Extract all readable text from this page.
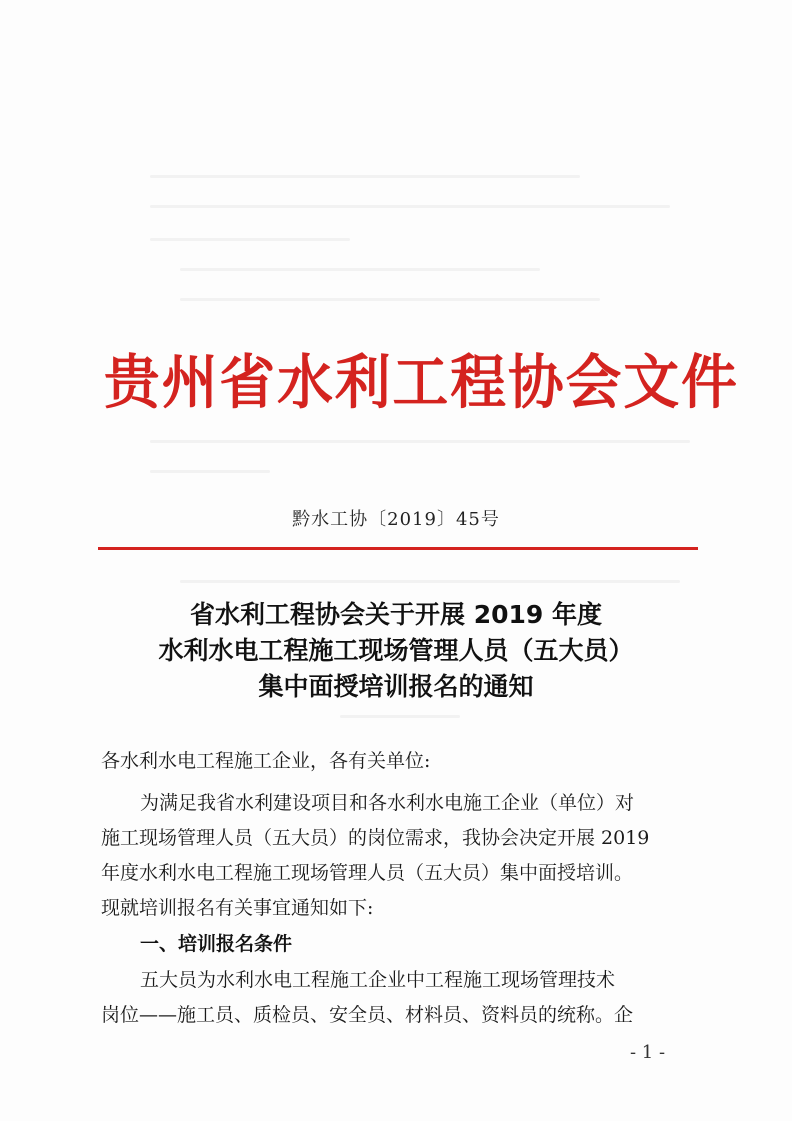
贵州省水利工程协会文件
黔水工协〔2019〕45号
省水利工程协会关于开展 2019 年度
水利水电工程施工现场管理人员（五大员）
集中面授培训报名的通知
各水利水电工程施工企业，各有关单位:
为满足我省水利建设项目和各水利水电施工企业（单位）对
施工现场管理人员（五大员）的岗位需求，我协会决定开展 2019
年度水利水电工程施工现场管理人员（五大员）集中面授培训。
现就培训报名有关事宜通知如下:
一、培训报名条件
五大员为水利水电工程施工企业中工程施工现场管理技术
岗位——施工员、质检员、安全员、材料员、资料员的统称。企
- 1 -
